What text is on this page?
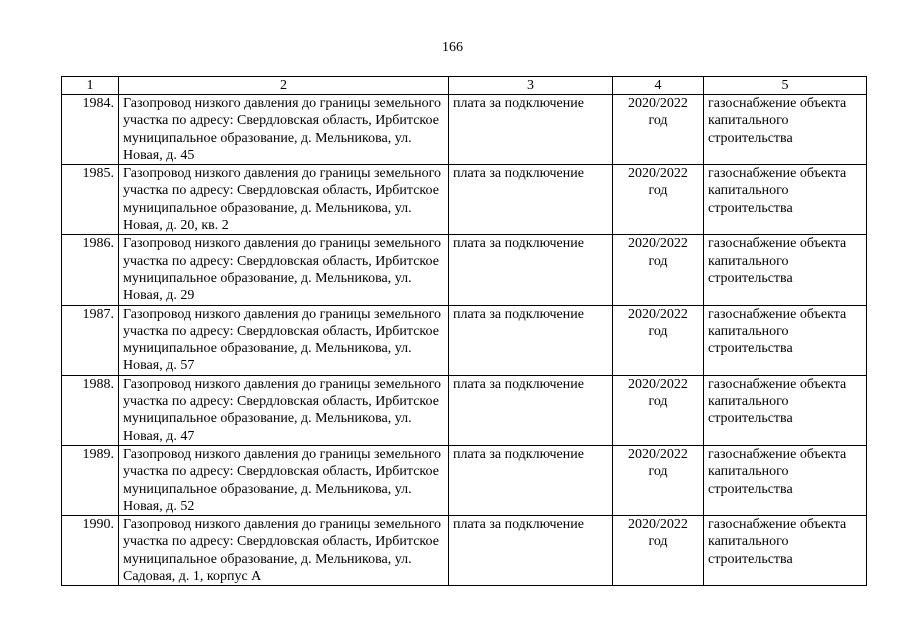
166
1	2	3	4	5
1984.	Газопровод низкого давления до границы земельного участка по адресу: Свердловская область, Ирбитское муниципальное образование, д. Мельникова, ул. Новая, д. 45	плата за подключение	2020/2022 год	газоснабжение объекта капитального строительства
1985.	Газопровод низкого давления до границы земельного участка по адресу: Свердловская область, Ирбитское муниципальное образование, д. Мельникова, ул. Новая, д. 20, кв. 2	плата за подключение	2020/2022 год	газоснабжение объекта капитального строительства
1986.	Газопровод низкого давления до границы земельного участка по адресу: Свердловская область, Ирбитское муниципальное образование, д. Мельникова, ул. Новая, д. 29	плата за подключение	2020/2022 год	газоснабжение объекта капитального строительства
1987.	Газопровод низкого давления до границы земельного участка по адресу: Свердловская область, Ирбитское муниципальное образование, д. Мельникова, ул. Новая, д. 57	плата за подключение	2020/2022 год	газоснабжение объекта капитального строительства
1988.	Газопровод низкого давления до границы земельного участка по адресу: Свердловская область, Ирбитское муниципальное образование, д. Мельникова, ул. Новая, д. 47	плата за подключение	2020/2022 год	газоснабжение объекта капитального строительства
1989.	Газопровод низкого давления до границы земельного участка по адресу: Свердловская область, Ирбитское муниципальное образование, д. Мельникова, ул. Новая, д. 52	плата за подключение	2020/2022 год	газоснабжение объекта капитального строительства
1990.	Газопровод низкого давления до границы земельного участка по адресу: Свердловская область, Ирбитское муниципальное образование, д. Мельникова, ул. Садовая, д. 1, корпус А	плата за подключение	2020/2022 год	газоснабжение объекта капитального строительства
